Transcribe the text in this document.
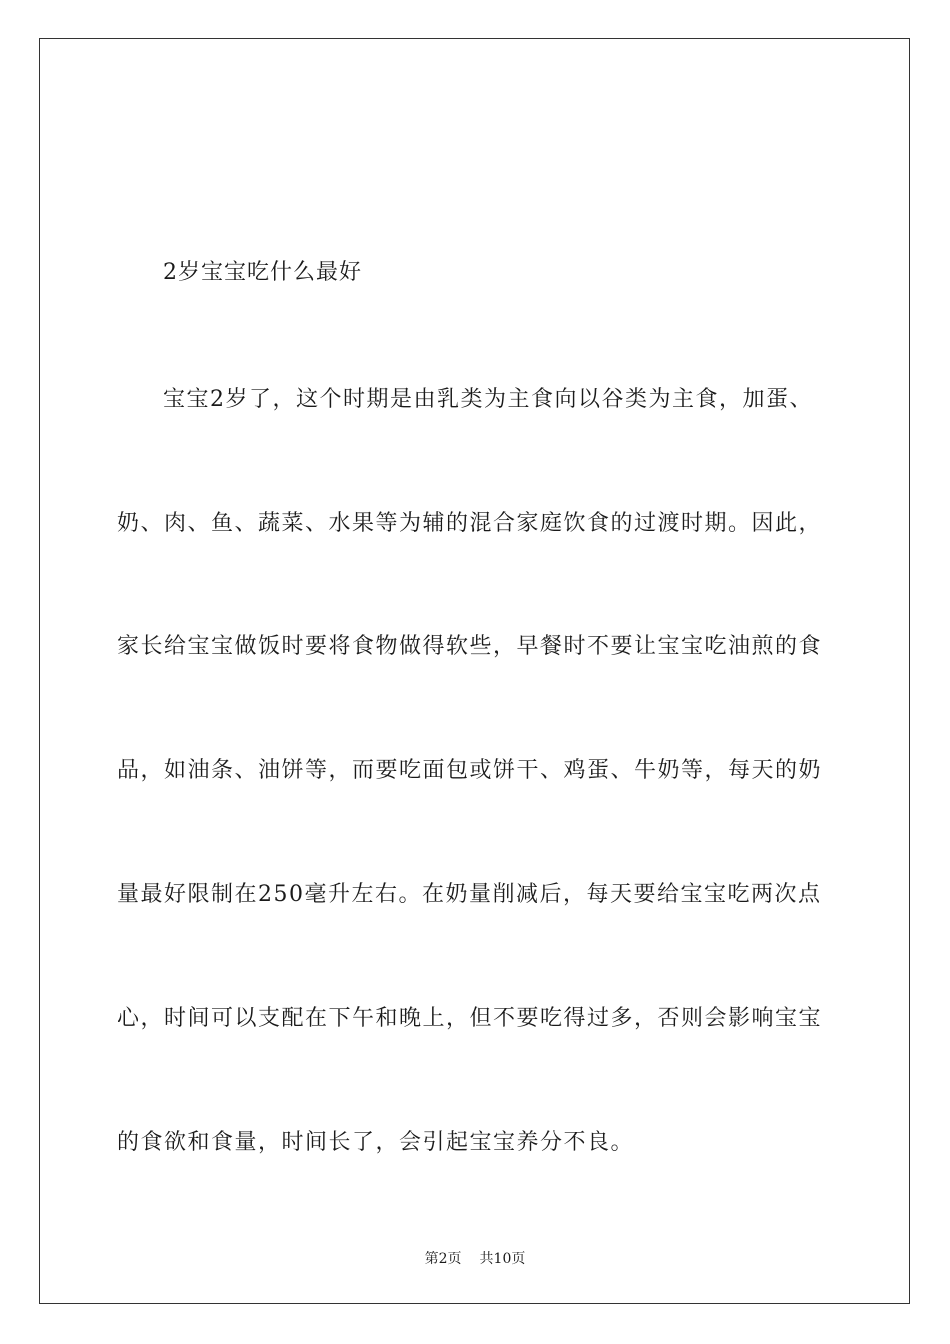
2岁宝宝吃什么最好
宝宝2岁了，这个时期是由乳类为主食向以谷类为主食，加蛋、
奶、肉、鱼、蔬菜、水果等为辅的混合家庭饮食的过渡时期。因此，
家长给宝宝做饭时要将食物做得软些，早餐时不要让宝宝吃油煎的食
品，如油条、油饼等，而要吃面包或饼干、鸡蛋、牛奶等，每天的奶
量最好限制在250毫升左右。在奶量削减后，每天要给宝宝吃两次点
心，时间可以支配在下午和晚上，但不要吃得过多，否则会影响宝宝
的食欲和食量，时间长了，会引起宝宝养分不良。
第2页 共10页
